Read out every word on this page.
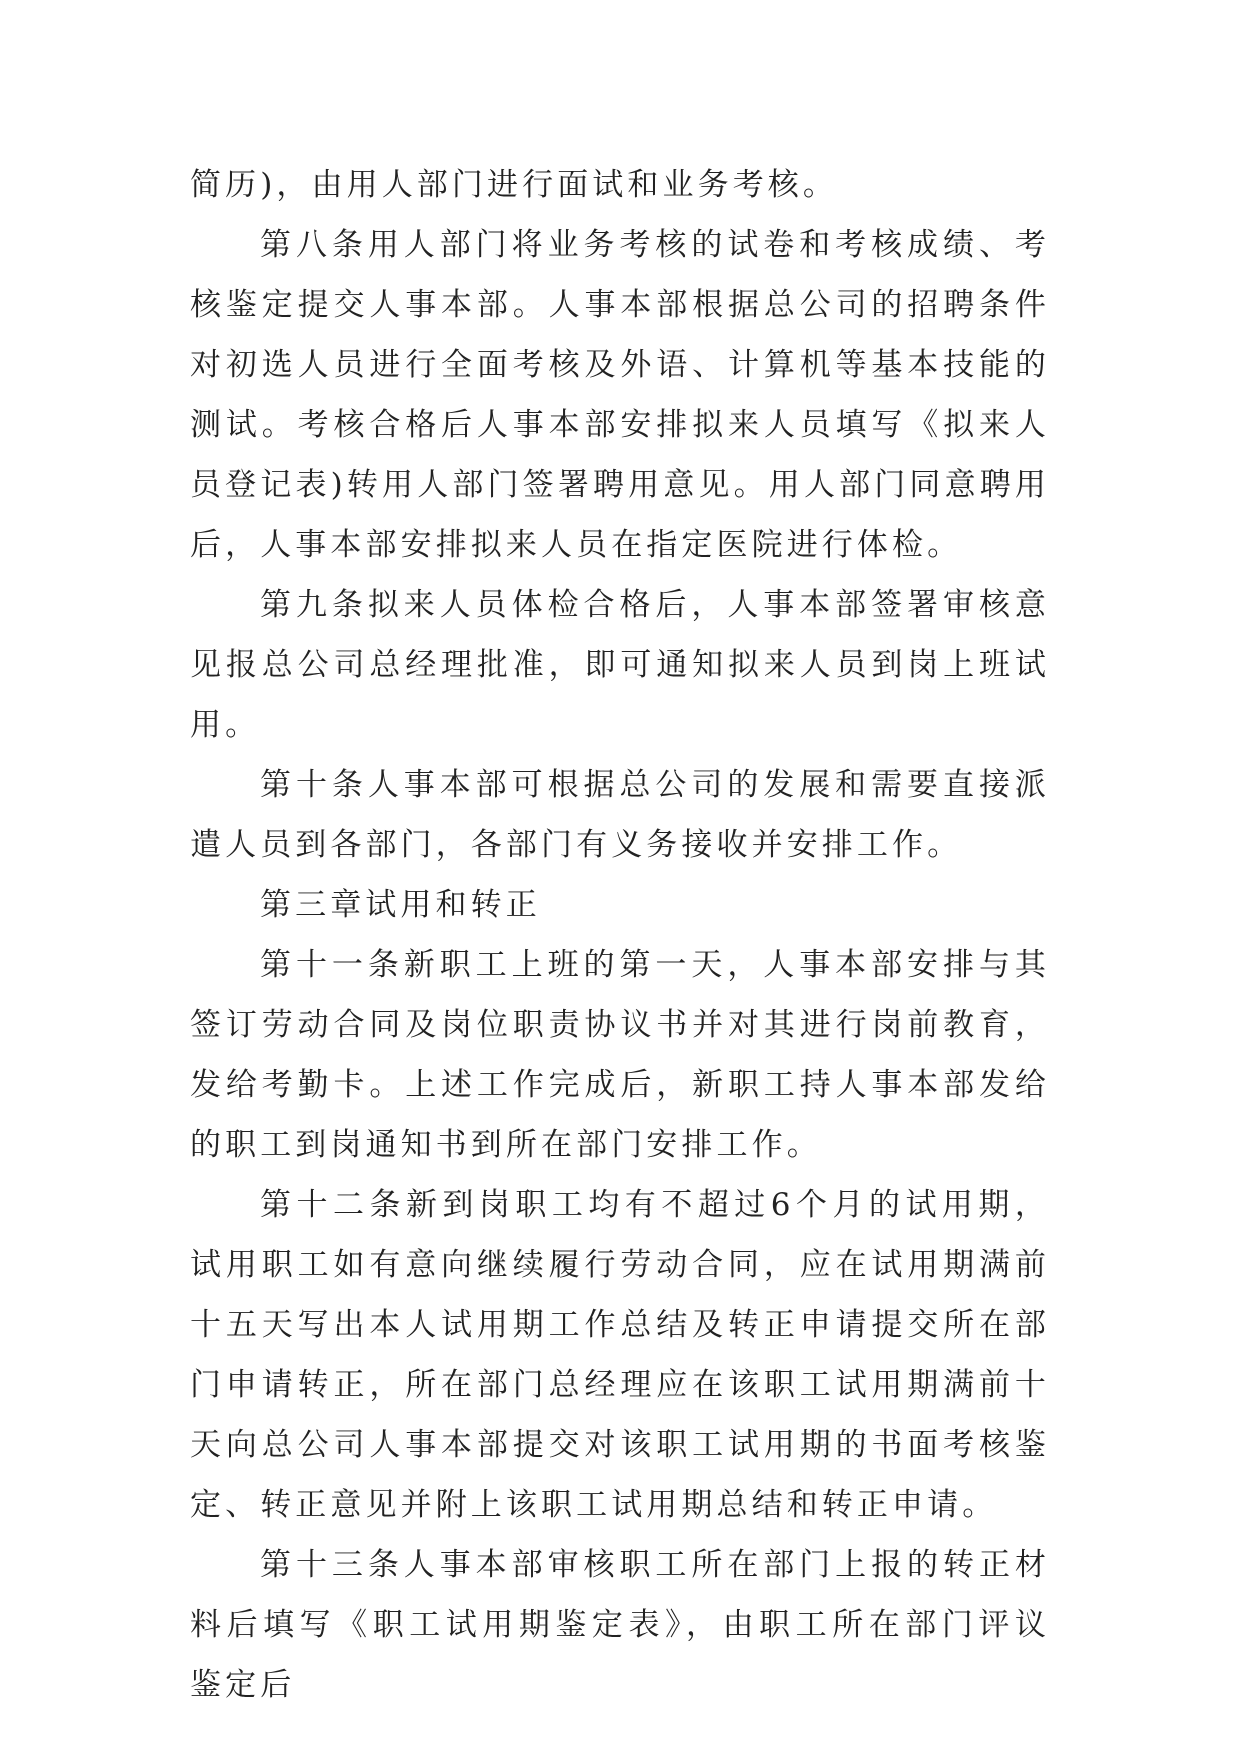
简历)，由用人部门进行面试和业务考核。

第八条用人部门将业务考核的试卷和考核成绩、考核鉴定提交人事本部。人事本部根据总公司的招聘条件对初选人员进行全面考核及外语、计算机等基本技能的测试。考核合格后人事本部安排拟来人员填写《拟来人员登记表)转用人部门签署聘用意见。用人部门同意聘用后，人事本部安排拟来人员在指定医院进行体检。

第九条拟来人员体检合格后，人事本部签署审核意见报总公司总经理批准，即可通知拟来人员到岗上班试用。

第十条人事本部可根据总公司的发展和需要直接派遣人员到各部门，各部门有义务接收并安排工作。

第三章试用和转正

第十一条新职工上班的第一天，人事本部安排与其签订劳动合同及岗位职责协议书并对其进行岗前教育，发给考勤卡。上述工作完成后，新职工持人事本部发给的职工到岗通知书到所在部门安排工作。

第十二条新到岗职工均有不超过6个月的试用期，试用职工如有意向继续履行劳动合同，应在试用期满前十五天写出本人试用期工作总结及转正申请提交所在部门申请转正，所在部门总经理应在该职工试用期满前十天向总公司人事本部提交对该职工试用期的书面考核鉴定、转正意见并附上该职工试用期总结和转正申请。

第十三条人事本部审核职工所在部门上报的转正材料后填写《职工试用期鉴定表》，由职工所在部门评议鉴定后
